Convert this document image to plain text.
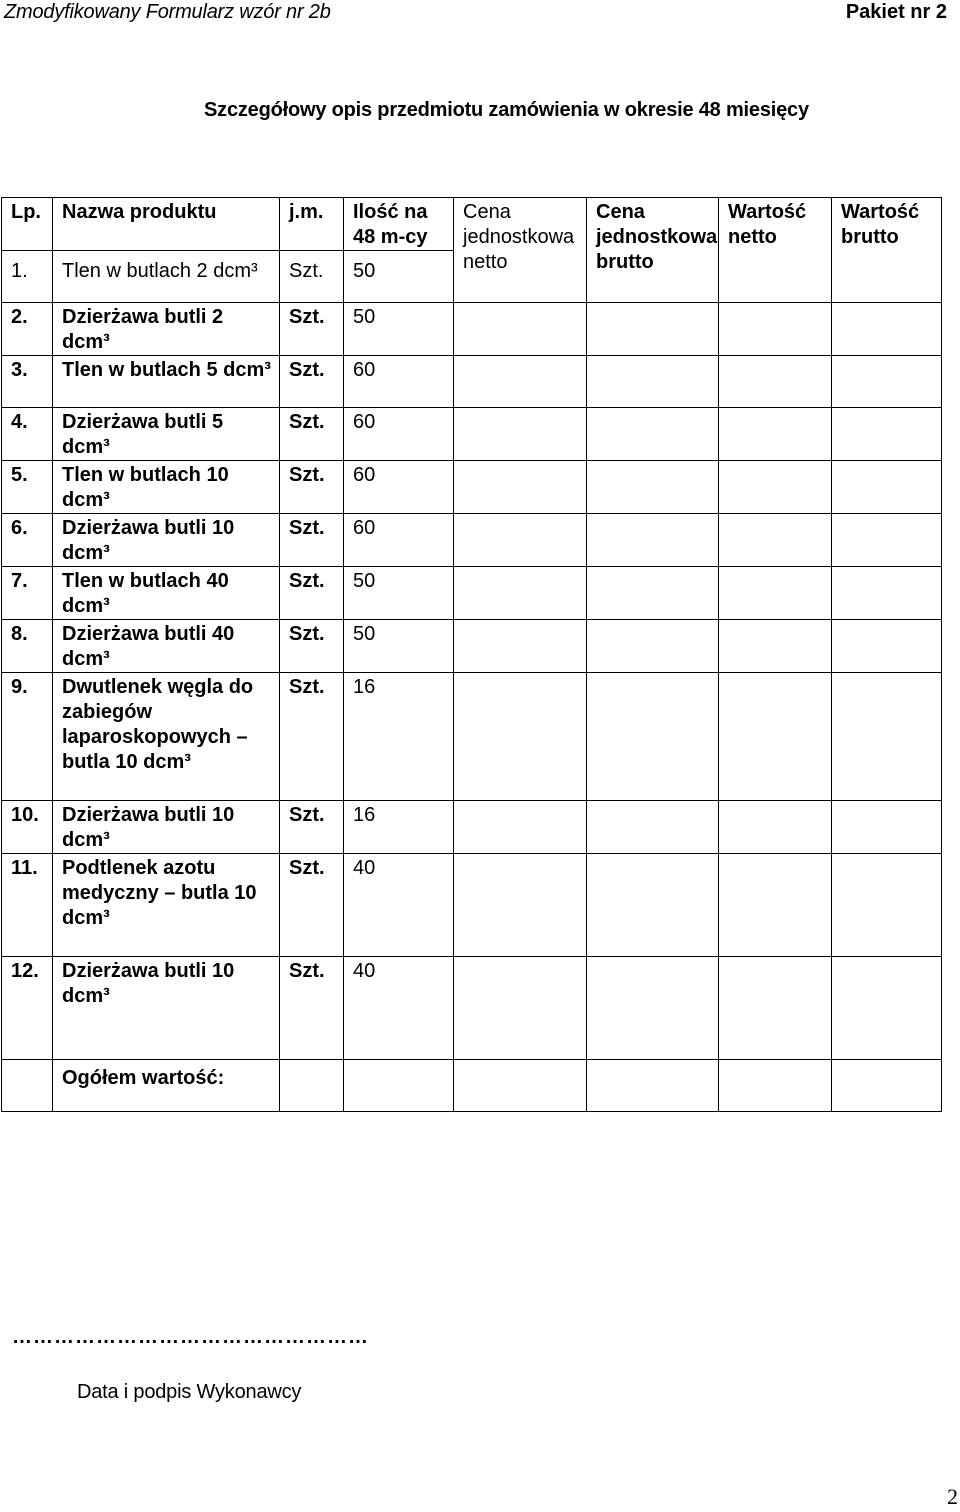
Zmodyfikowany Formularz wzór nr 2b	Pakiet nr 2
Szczegółowy opis przedmiotu zamówienia w okresie 48 miesięcy
Lp.	Nazwa produktu	j.m.	Ilość na 48 m-cy	Cena jednostkowa netto	Cena jednostkowa brutto	Wartość netto	Wartość brutto
1.	Tlen w butlach 2 dcm³	Szt.	50				
2.	Dzierżawa butli 2 dcm³	Szt.	50				
3.	Tlen w butlach 5 dcm³	Szt.	60				
4.	Dzierżawa butli 5 dcm³	Szt.	60				
5.	Tlen w butlach 10 dcm³	Szt.	60				
6.	Dzierżawa butli 10 dcm³	Szt.	60				
7.	Tlen w butlach 40 dcm³	Szt.	50				
8.	Dzierżawa butli 40 dcm³	Szt.	50				
9.	Dwutlenek węgla do zabiegów laparoskopowych – butla 10 dcm³	Szt.	16				
10.	Dzierżawa butli 10 dcm³	Szt.	16				
11.	Podtlenek azotu medyczny – butla 10 dcm³	Szt.	40				
12.	Dzierżawa butli 10 dcm³	Szt.	40				
	Ogółem wartość:						
……………………………………………
Data i podpis Wykonawcy
2
